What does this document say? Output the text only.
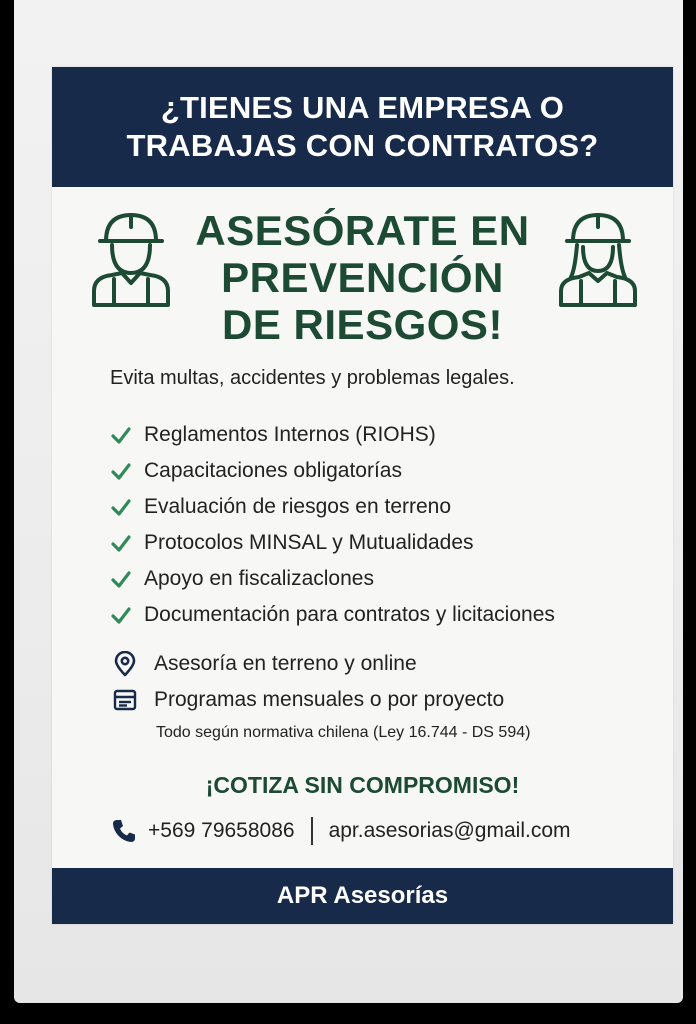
¿TIENES UNA EMPRESA O
TRABAJAS CON CONTRATOS?
ASESÓRATE EN
PREVENCIÓN
DE RIESGOS!
Evita multas, accidentes y problemas legales.
Reglamentos Internos (RIOHS)
Capacitaciones obligatorías
Evaluación de riesgos en terreno
Protocolos MINSAL y Mutualidades
Apoyo en fiscalizaclones
Documentación para contratos y licitaciones
Asesoría en terreno y online
Programas mensuales o por proyecto
Todo según normativa chilena (Ley 16.744 - DS 594)
¡COTIZA SIN COMPROMISO!
+569 79658086 apr.asesorias@gmail.com
APR Asesorías
